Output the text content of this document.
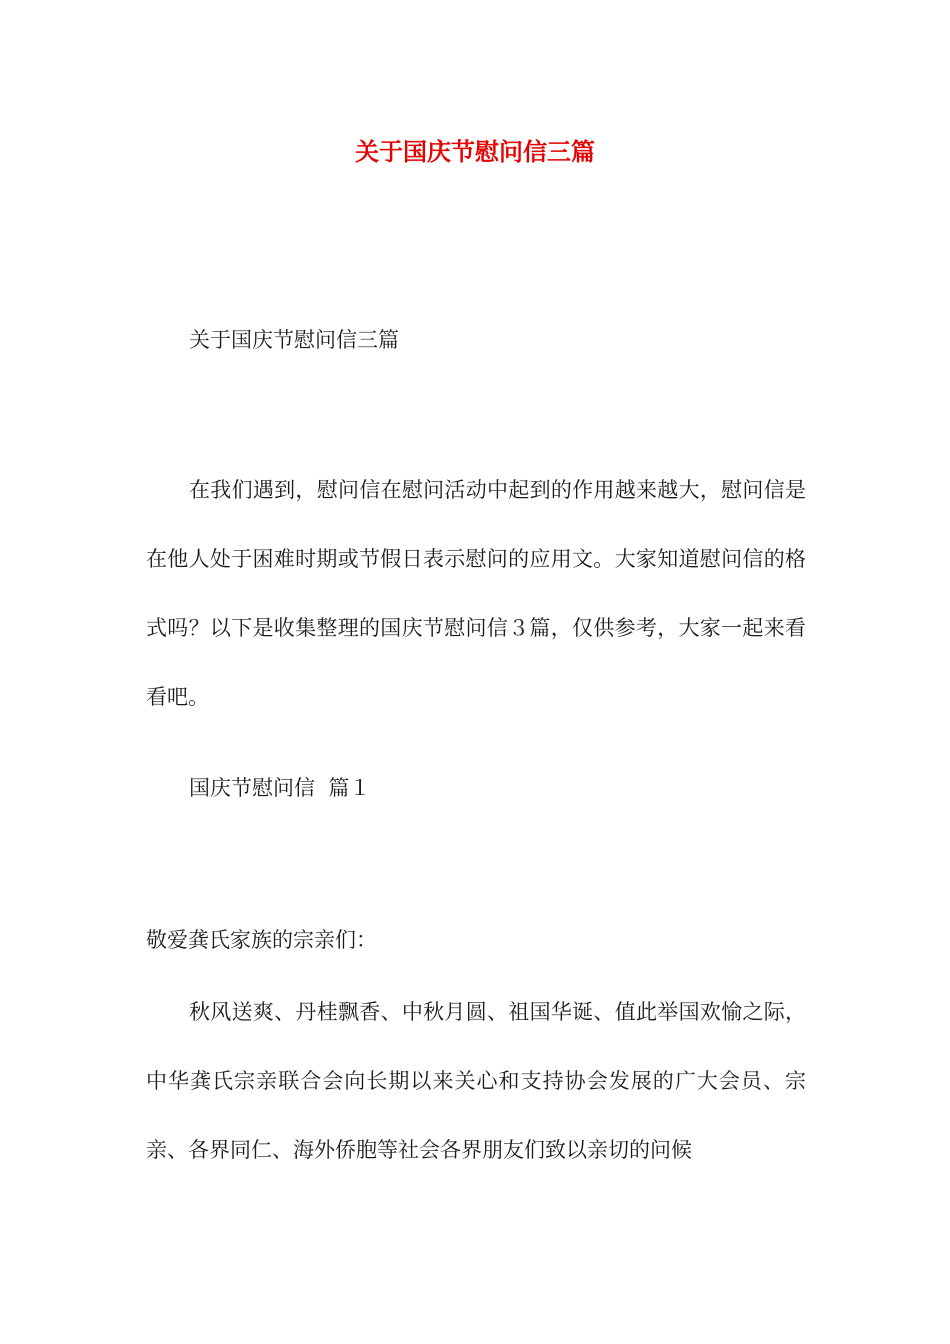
关于国庆节慰问信三篇
关于国庆节慰问信三篇
在我们遇到，慰问信在慰问活动中起到的作用越来越大，慰问信是在他人处于困难时期或节假日表示慰问的应用文。大家知道慰问信的格式吗？以下是收集整理的国庆节慰问信３篇，仅供参考，大家一起来看看吧。
国庆节慰问信  篇１
敬爱龚氏家族的宗亲们：
秋风送爽、丹桂飘香、中秋月圆、祖国华诞、值此举国欢愉之际，中华龚氏宗亲联合会向长期以来关心和支持协会发展的广大会员、宗亲、各界同仁、海外侨胞等社会各界朋友们致以亲切的问候
